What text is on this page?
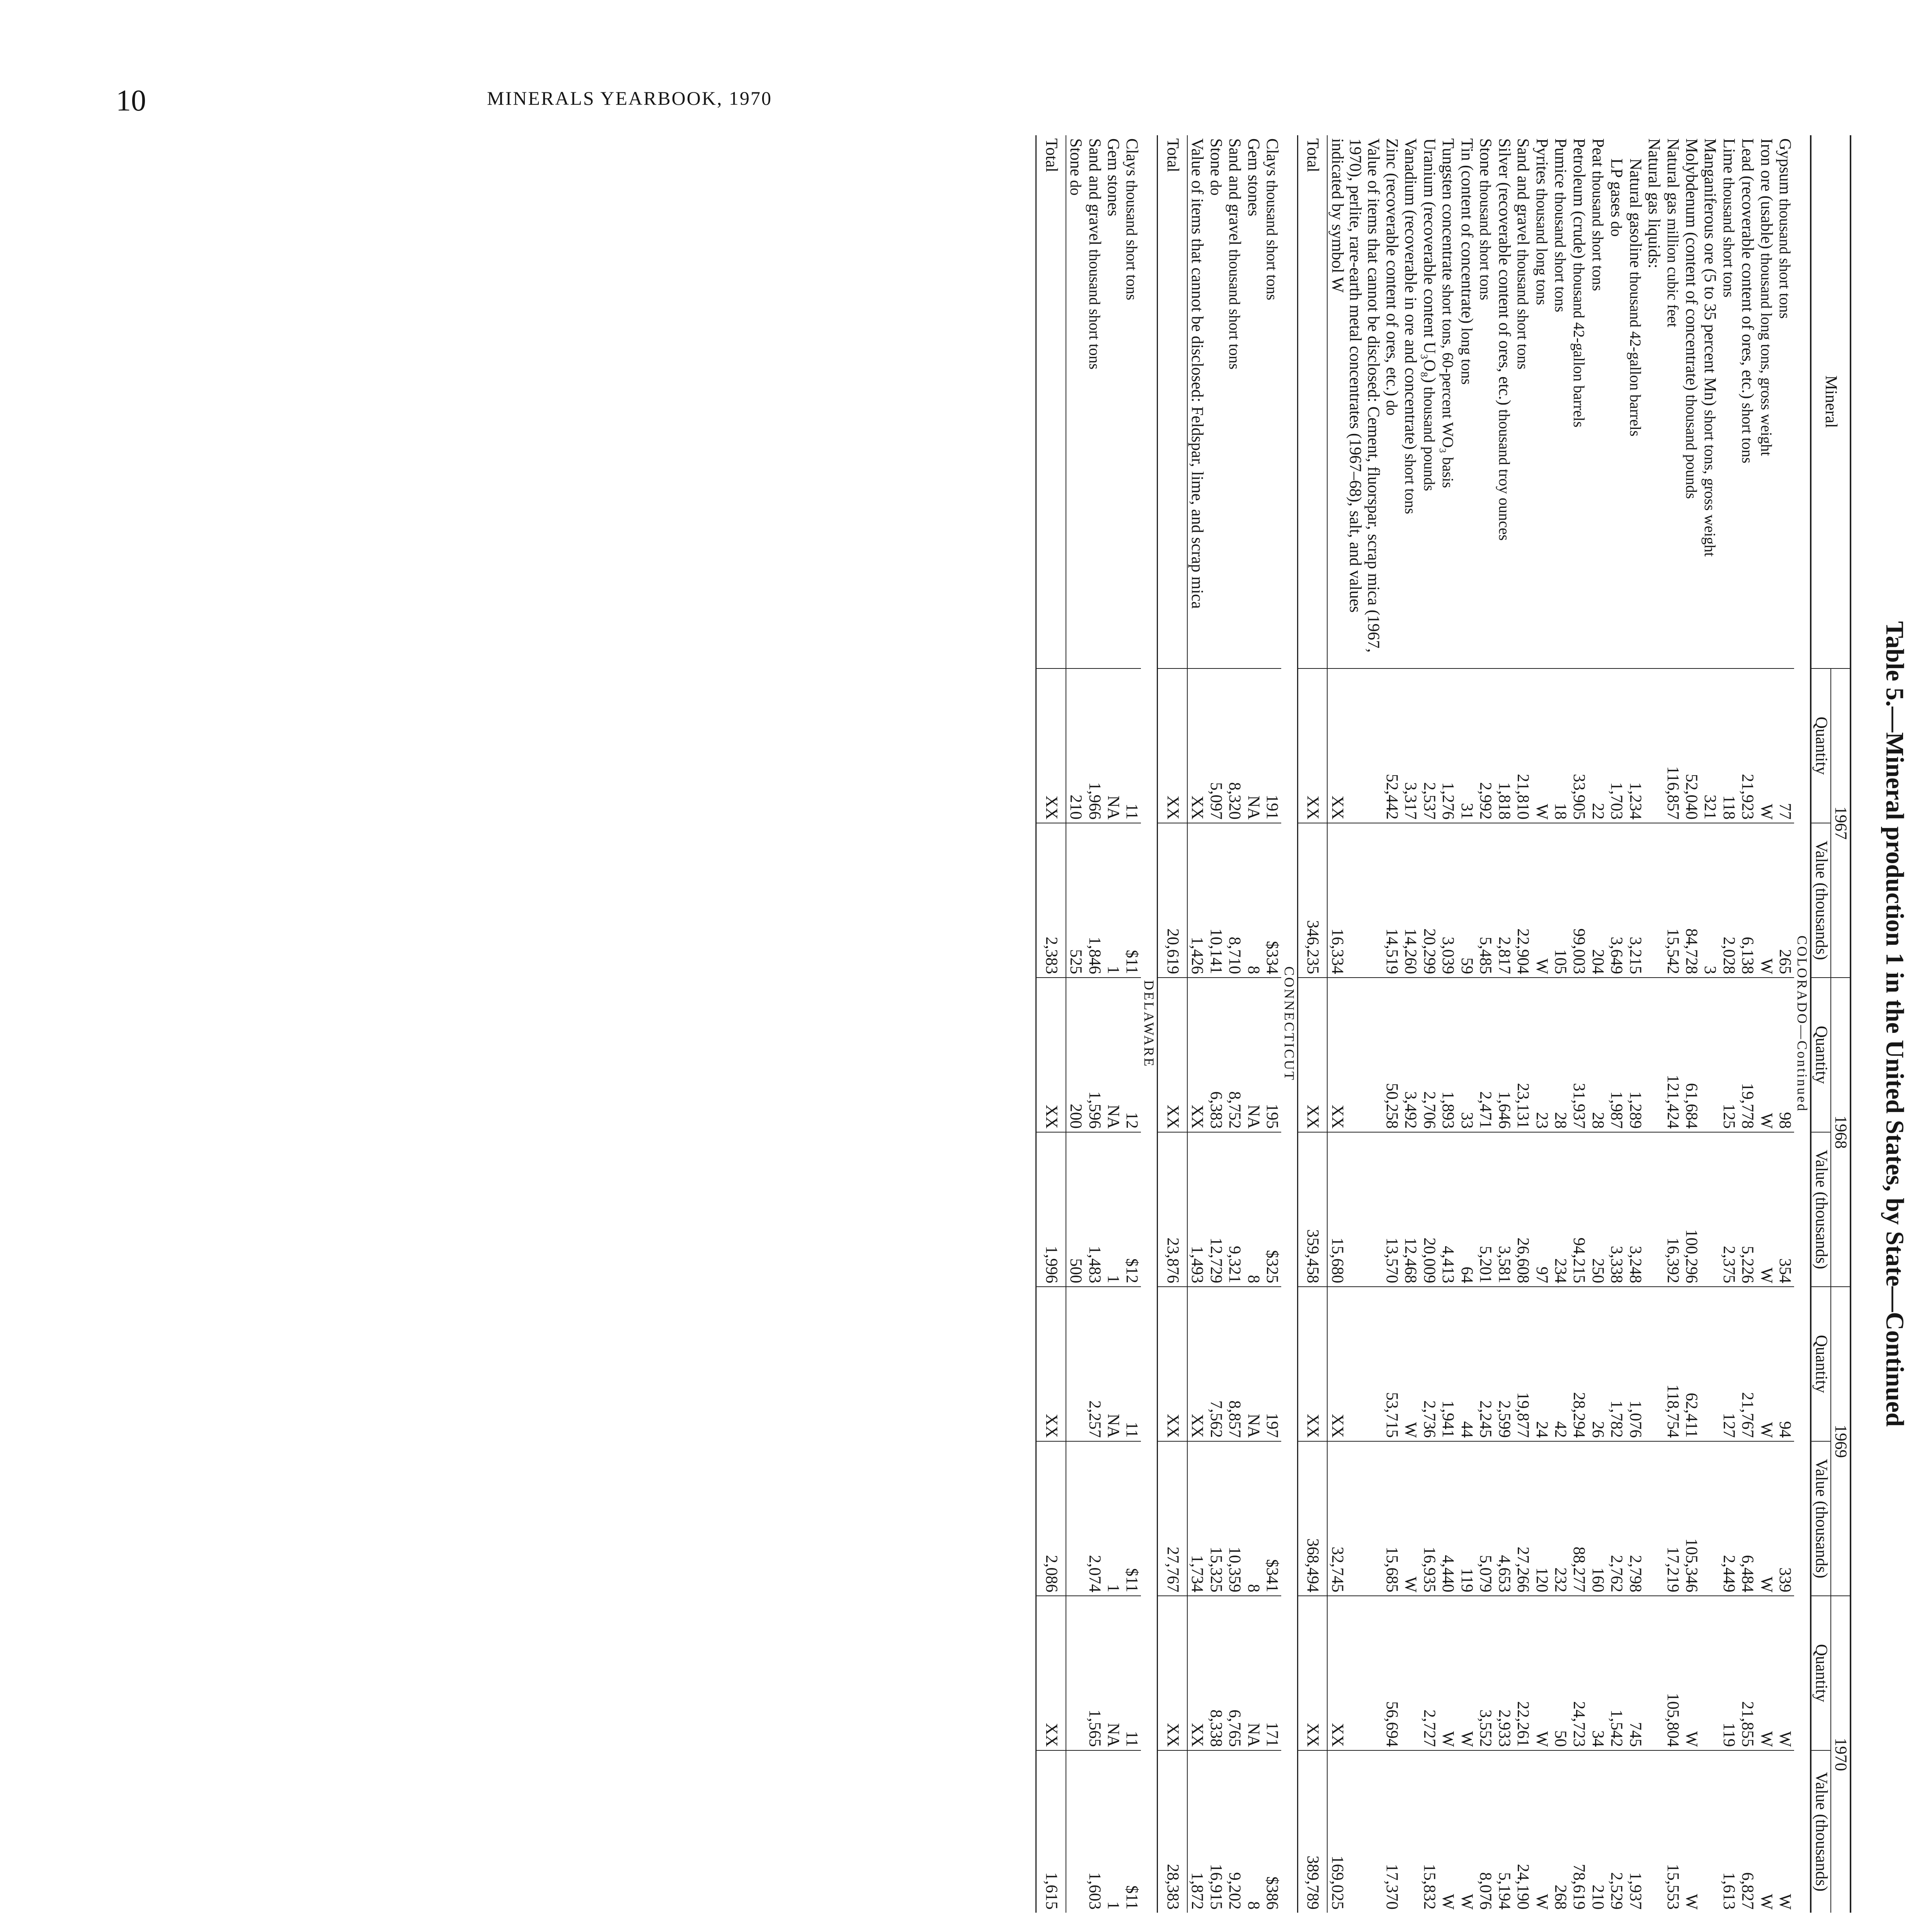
10	MINERALS YEARBOOK, 1970
Table 5.—Mineral production 1 in the United States, by State—Continued
Mineral	1967		1968		1969		1970	
	Quantity	Value (thousands)	Quantity	Value (thousands)	Quantity	Value (thousands)	Quantity	Value (thousands)
COLORADO—Continued								
Gypsum thousand short tons	77	265	98	354	94	339	W	W
Iron ore (usable) thousand long tons, gross weight	W	W	W	W	W	W	W	W
Lead (recoverable content of ores, etc.) short tons	21,923	6,138	19,778	5,226	21,767	6,484	21,855	6,827
Lime thousand short tons	118	2,028	125	2,375	127	2,449	119	1,613
Manganiferous ore (5 to 35 percent Mn) short tons, gross weight	321	3						
Molybdenum (content of concentrate) thousand pounds	52,040	84,728	61,684	100,296	62,411	105,346	W	W
Natural gas million cubic feet	116,857	15,542	121,424	16,392	118,754	17,219	105,804	15,553
Natural gas liquids:								
Natural gasoline thousand 42-gallon barrels	1,234	3,215	1,289	3,248	1,076	2,798	745	1,937
LP gases do	1,703	3,649	1,987	3,338	1,782	2,762	1,542	2,529
Peat thousand short tons	22	204	28	250	26	160	34	210
Petroleum (crude) thousand 42-gallon barrels	33,905	99,003	31,937	94,215	28,294	88,277	24,723	78,619
Pumice thousand short tons	18	105	28	234	42	232	50	268
Pyrites thousand long tons	W	W	23	97	24	120	W	W
Sand and gravel thousand short tons	21,810	22,904	23,131	26,608	19,877	27,266	22,261	24,190
Silver (recoverable content of ores, etc.) thousand troy ounces	1,818	2,817	1,646	3,581	2,599	4,653	2,933	5,194
Stone thousand short tons	2,992	5,485	2,471	5,201	2,245	5,079	3,552	8,076
Tin (content of concentrate) long tons	31	59	33	64	44	119	W	W
Tungsten concentrate short tons, 60-percent WO₃ basis	1,276	3,039	1,893	4,413	1,941	4,440	W	W
Uranium (recoverable content U₃O₈) thousand pounds	2,537	20,299	2,706	20,009	2,736	16,935	2,727	15,832
Vanadium (recoverable in ore and concentrate) short tons	3,317	14,260	3,492	12,468	W	W		
Zinc (recoverable content of ores, etc.) do	52,442	14,519	50,258	13,570	53,715	15,685	56,694	17,370
Value of items that cannot be disclosed: Cement, fluorspar, scrap mica (1967, 1970), perlite, rare-earth metal concentrates (1967–68), salt, and values indicated by symbol W	XX	16,334	XX	15,680	XX	32,745	XX	169,025
Total	XX	346,235	XX	359,458	XX	368,494	XX	389,789
CONNECTICUT								
Clays thousand short tons	191	$334	195	$325	197	$341	171	$386
Gem stones	NA	8	NA	8	NA	8	NA	8
Sand and gravel thousand short tons	8,320	8,710	8,752	9,321	8,857	10,359	6,765	9,202
Stone do	5,097	10,141	6,383	12,729	7,562	15,325	8,338	16,915
Value of items that cannot be disclosed: Feldspar, lime, and scrap mica	XX	1,426	XX	1,493	XX	1,734	XX	1,872
Total	XX	20,619	XX	23,876	XX	27,767	XX	28,383
DELAWARE								
Clays thousand short tons	11	$11	12	$12	11	$11	11	$11
Gem stones	NA	1	NA	1	NA	1	NA	1
Sand and gravel thousand short tons	1,966	1,846	1,596	1,483	2,257	2,074	1,565	1,603
Stone do	210	525	200	500				
Total	XX	2,383	XX	1,996	XX	2,086	XX	1,615
